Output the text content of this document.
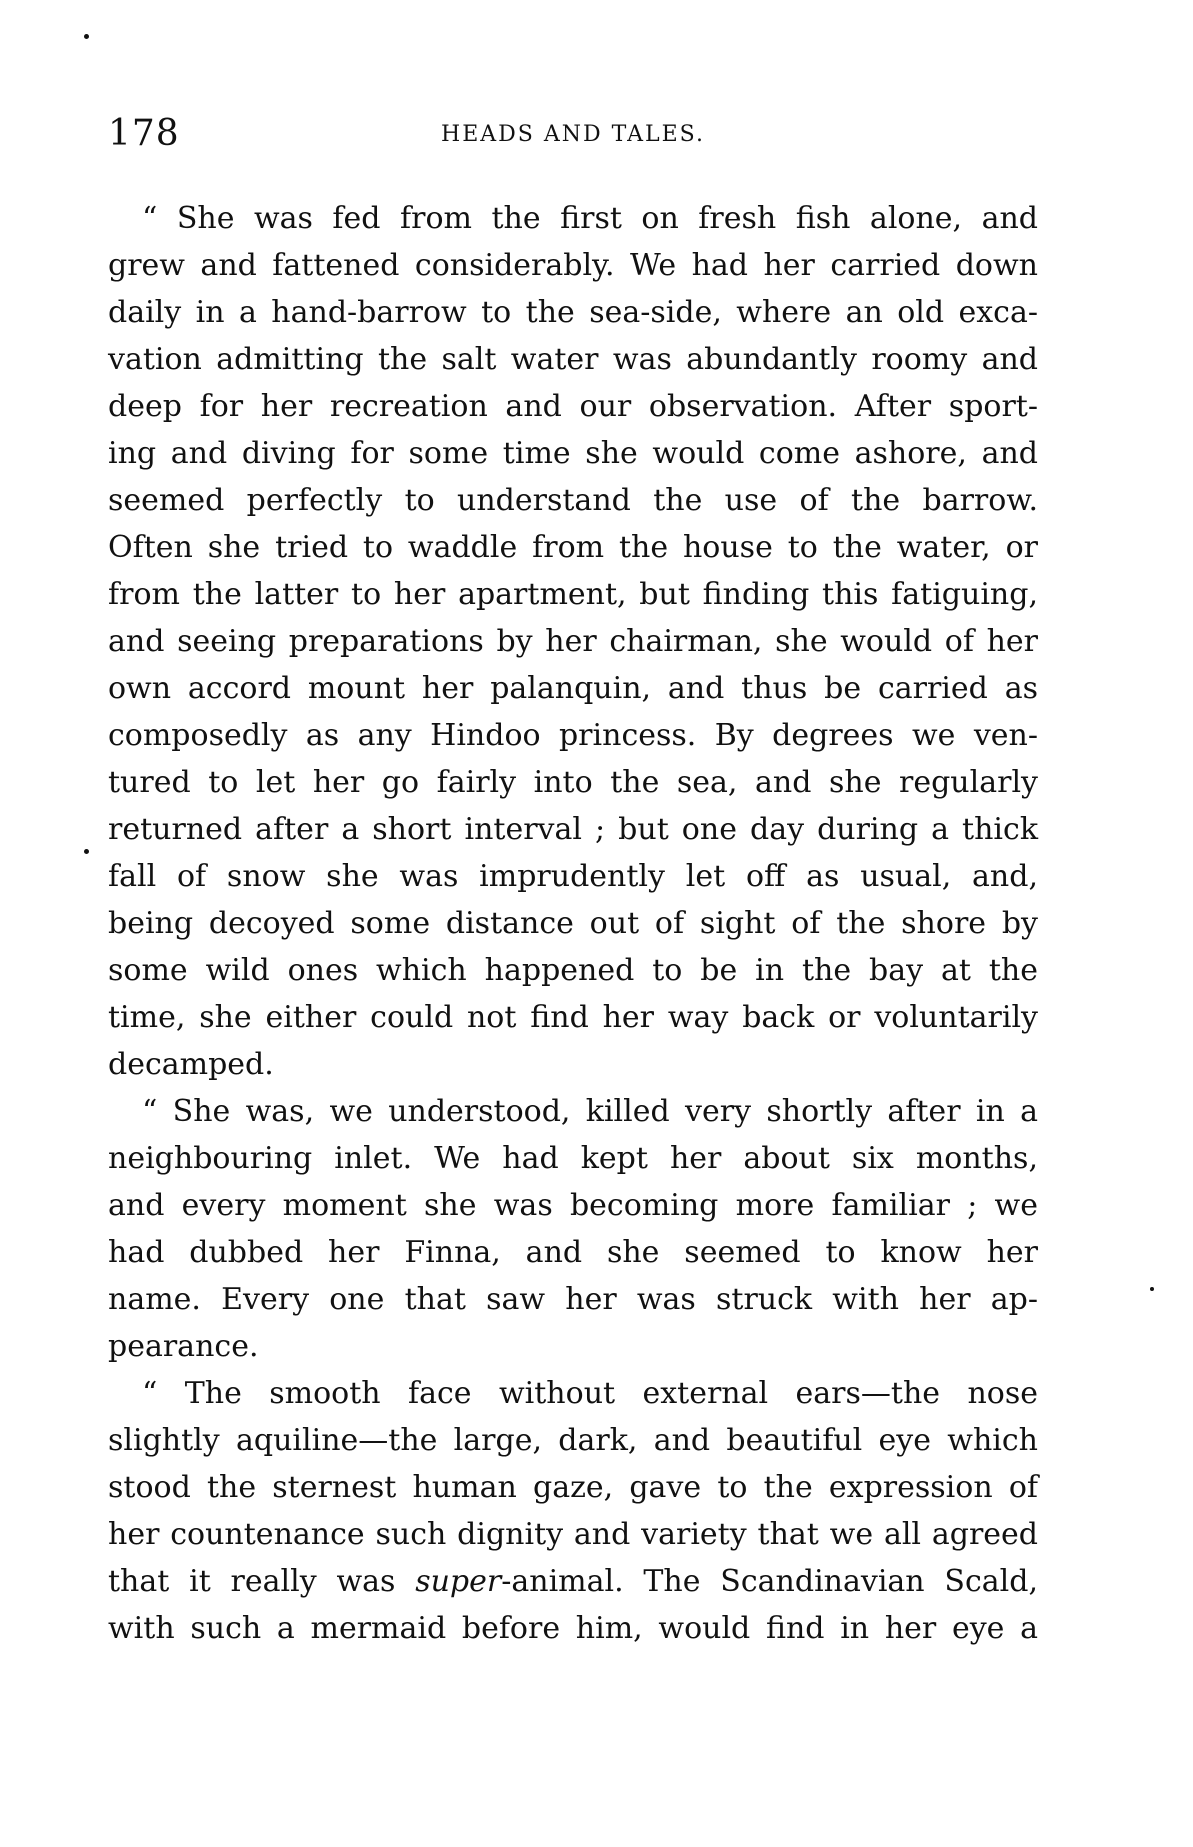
178	HEADS AND TALES.

“ She was fed from the first on fresh fish alone, and
grew and fattened considerably. We had her carried down
daily in a hand-barrow to the sea-side, where an old exca-
vation admitting the salt water was abundantly roomy and
deep for her recreation and our observation. After sport-
ing and diving for some time she would come ashore, and
seemed perfectly to understand the use of the barrow.
Often she tried to waddle from the house to the water, or
from the latter to her apartment, but finding this fatiguing,
and seeing preparations by her chairman, she would of her
own accord mount her palanquin, and thus be carried as
composedly as any Hindoo princess. By degrees we ven-
tured to let her go fairly into the sea, and she regularly
returned after a short interval ; but one day during a thick
fall of snow she was imprudently let off as usual, and,
being decoyed some distance out of sight of the shore by
some wild ones which happened to be in the bay at the
time, she either could not find her way back or voluntarily
decamped.

“ She was, we understood, killed very shortly after in a
neighbouring inlet. We had kept her about six months,
and every moment she was becoming more familiar ; we
had dubbed her Finna, and she seemed to know her
name. Every one that saw her was struck with her ap-
pearance.

“ The smooth face without external ears—the nose
slightly aquiline—the large, dark, and beautiful eye which
stood the sternest human gaze, gave to the expression of
her countenance such dignity and variety that we all agreed
that it really was super-animal. The Scandinavian Scald,
with such a mermaid before him, would find in her eye a
